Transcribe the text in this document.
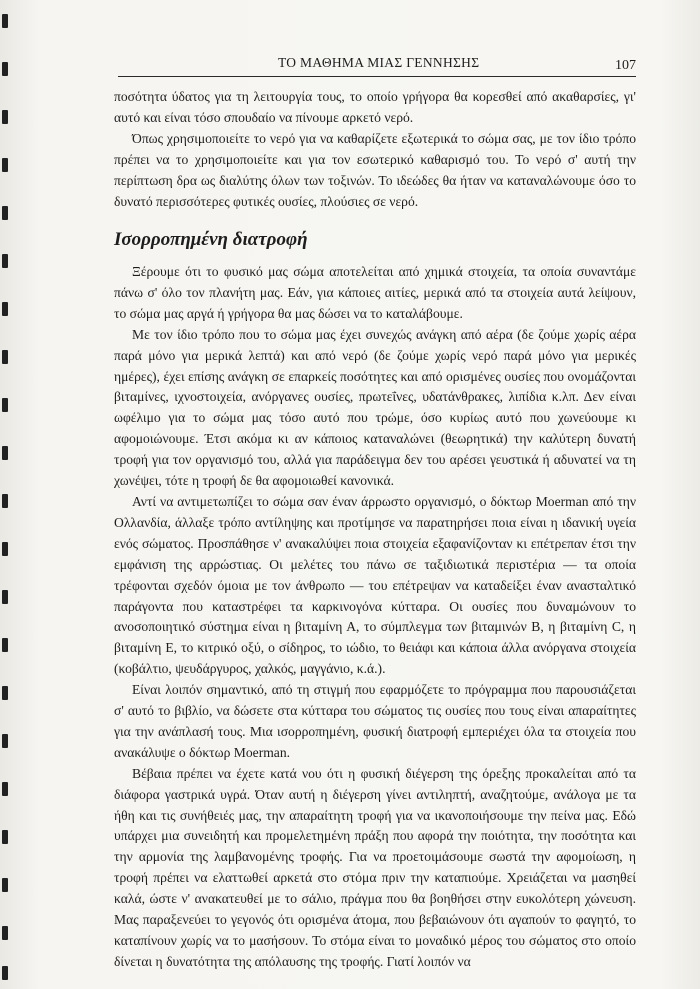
ΤΟ ΜΑΘΗΜΑ ΜΙΑΣ ΓΕΝΝΗΣΗΣ	107

ποσότητα ύδατος για τη λειτουργία τους, το οποίο γρήγορα θα κορεσθεί από ακαθαρσίες, γι' αυτό και είναι τόσο σπουδαίο να πίνουμε αρκετό νερό.

Όπως χρησιμοποιείτε το νερό για να καθαρίζετε εξωτερικά το σώμα σας, με τον ίδιο τρόπο πρέπει να το χρησιμοποιείτε και για τον εσωτερικό καθαρισμό του. Το νερό σ' αυτή την περίπτωση δρα ως διαλύτης όλων των τοξινών. Το ιδεώδες θα ήταν να καταναλώνουμε όσο το δυνατό περισσότερες φυτικές ουσίες, πλούσιες σε νερό.

Ισορροπημένη διατροφή

Ξέρουμε ότι το φυσικό μας σώμα αποτελείται από χημικά στοιχεία, τα οποία συναντάμε πάνω σ' όλο τον πλανήτη μας. Εάν, για κάποιες αιτίες, μερικά από τα στοιχεία αυτά λείψουν, το σώμα μας αργά ή γρήγορα θα μας δώσει να το καταλάβουμε.

Με τον ίδιο τρόπο που το σώμα μας έχει συνεχώς ανάγκη από αέρα (δε ζούμε χωρίς αέρα παρά μόνο για μερικά λεπτά) και από νερό (δε ζούμε χωρίς νερό παρά μόνο για μερικές ημέρες), έχει επίσης ανάγκη σε επαρκείς ποσότητες και από ορισμένες ουσίες που ονομάζονται βιταμίνες, ιχνοστοιχεία, ανόργανες ουσίες, πρωτεΐνες, υδατάνθρακες, λιπίδια κ.λπ. Δεν είναι ωφέλιμο για το σώμα μας τόσο αυτό που τρώμε, όσο κυρίως αυτό που χωνεύουμε κι αφομοιώνουμε. Έτσι ακόμα κι αν κάποιος καταναλώνει (θεωρητικά) την καλύτερη δυνατή τροφή για τον οργανισμό του, αλλά για παράδειγμα δεν του αρέσει γευστικά ή αδυνατεί να τη χωνέψει, τότε η τροφή δε θα αφομοιωθεί κανονικά.

Αντί να αντιμετωπίζει το σώμα σαν έναν άρρωστο οργανισμό, ο δόκτωρ Moerman από την Ολλανδία, άλλαξε τρόπο αντίληψης και προτίμησε να παρατηρήσει ποια είναι η ιδανική υγεία ενός σώματος. Προσπάθησε ν' ανακαλύψει ποια στοιχεία εξαφανίζονταν κι επέτρεπαν έτσι την εμφάνιση της αρρώστιας. Οι μελέτες του πάνω σε ταξιδιωτικά περιστέρια — τα οποία τρέφονται σχεδόν όμοια με τον άνθρωπο — του επέτρεψαν να καταδείξει έναν ανασταλτικό παράγοντα που καταστρέφει τα καρκινογόνα κύτταρα. Οι ουσίες που δυναμώνουν το ανοσοποιητικό σύστημα είναι η βιταμίνη Α, το σύμπλεγμα των βιταμινών Β, η βιταμίνη C, η βιταμίνη Ε, το κιτρικό οξύ, ο σίδηρος, το ιώδιο, το θειάφι και κάποια άλλα ανόργανα στοιχεία (κοβάλτιο, ψευδάργυρος, χαλκός, μαγγάνιο, κ.ά.).

Είναι λοιπόν σημαντικό, από τη στιγμή που εφαρμόζετε το πρόγραμμα που παρουσιάζεται σ' αυτό το βιβλίο, να δώσετε στα κύτταρα του σώματος τις ουσίες που τους είναι απαραίτητες για την ανάπλασή τους. Μια ισορροπημένη, φυσική διατροφή εμπεριέχει όλα τα στοιχεία που ανακάλυψε ο δόκτωρ Moerman.

Βέβαια πρέπει να έχετε κατά νου ότι η φυσική διέγερση της όρεξης προκαλείται από τα διάφορα γαστρικά υγρά. Όταν αυτή η διέγερση γίνει αντιληπτή, αναζητούμε, ανάλογα με τα ήθη και τις συνήθειές μας, την απαραίτητη τροφή για να ικανοποιήσουμε την πείνα μας. Εδώ υπάρχει μια συνειδητή και προμελετημένη πράξη που αφορά την ποιότητα, την ποσότητα και την αρμονία της λαμβανομένης τροφής. Για να προετοιμάσουμε σωστά την αφομοίωση, η τροφή πρέπει να ελαττωθεί αρκετά στο στόμα πριν την καταπιούμε. Χρειάζεται να μασηθεί καλά, ώστε ν' ανακατευθεί με το σάλιο, πράγμα που θα βοηθήσει στην ευκολότερη χώνευση. Μας παραξενεύει το γεγονός ότι ορισμένα άτομα, που βεβαιώνουν ότι αγαπούν το φαγητό, το καταπίνουν χωρίς να το μασήσουν. Το στόμα είναι το μοναδικό μέρος του σώματος στο οποίο δίνεται η δυνατότητα της απόλαυσης της τροφής. Γιατί λοιπόν να
